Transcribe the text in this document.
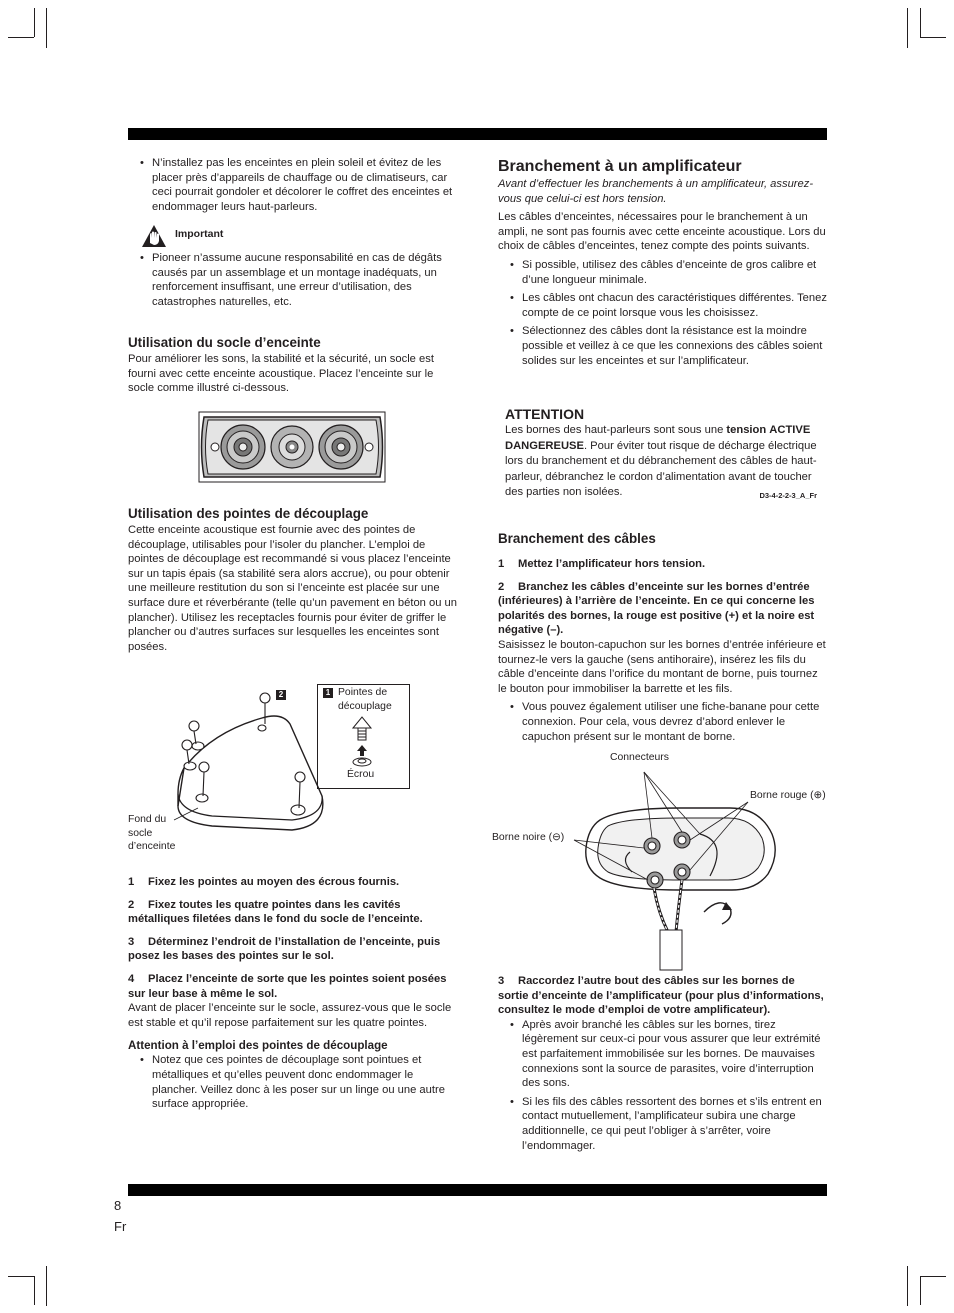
• N’installez pas les enceintes en plein soleil et évitez de les placer près d’appareils de chauffage ou de climatiseurs, car ceci pourrait gondoler et décolorer le coffret des enceintes et endommager leurs haut-parleurs.

Important

• Pioneer n’assume aucune responsabilité en cas de dégâts causés par un assemblage et un montage inadéquats, un renforcement insuffisant, une erreur d’utilisation, des catastrophes naturelles, etc.

Utilisation du socle d’enceinte

Pour améliorer les sons, la stabilité et la sécurité, un socle est fourni avec cette enceinte acoustique. Placez l’enceinte sur le socle comme illustré ci-dessous.

Utilisation des pointes de découplage

Cette enceinte acoustique est fournie avec des pointes de découplage, utilisables pour l’isoler du plancher. L’emploi de pointes de découplage est recommandé si vous placez l’enceinte sur un tapis épais (sa stabilité sera alors accrue), ou pour obtenir une meilleure restitution du son si l’enceinte est placée sur une surface dure et réverbérante (telle qu’un pavement en béton ou un plancher). Utilisez les receptacles fournis pour éviter de griffer le plancher ou d’autres surfaces sur lesquelles les enceintes sont posées.

1
2	Pointes de découplage
Écrou
Fond du socle d’enceinte

1 Fixez les pointes au moyen des écrous fournis.

2 Fixez toutes les quatre pointes dans les cavités métalliques filetées dans le fond du socle de l’enceinte.

3 Déterminez l’endroit de l’installation de l’enceinte, puis posez les bases des pointes sur le sol.

4 Placez l’enceinte de sorte que les pointes soient posées sur leur base à même le sol.

Avant de placer l’enceinte sur le socle, assurez-vous que le socle est stable et qu’il repose parfaitement sur les quatre pointes.

Attention à l’emploi des pointes de découplage

• Notez que ces pointes de découplage sont pointues et métalliques et qu’elles peuvent donc endommager le plancher. Veillez donc à les poser sur un linge ou une autre surface appropriée.

Branchement à un amplificateur

Avant d’effectuer les branchements à un amplificateur, assurez-vous que celui-ci est hors tension.

Les câbles d’enceintes, nécessaires pour le branchement à un ampli, ne sont pas fournis avec cette enceinte acoustique. Lors du choix de câbles d’enceintes, tenez compte des points suivants.

• Si possible, utilisez des câbles d’enceinte de gros calibre et d’une longueur minimale.

• Les câbles ont chacun des caractéristiques différentes. Tenez compte de ce point lorsque vous les choisissez.

• Sélectionnez des câbles dont la résistance est la moindre possible et veillez à ce que les connexions des câbles soient solides sur les enceintes et sur l’amplificateur.

ATTENTION

Les bornes des haut-parleurs sont sous une tension ACTIVE DANGEREUSE. Pour éviter tout risque de décharge électrique lors du branchement et du débranchement des câbles de haut-parleur, débranchez le cordon d’alimentation avant de toucher des parties non isolées.	D3-4-2-2-3_A_Fr

Branchement des câbles

1 Mettez l’amplificateur hors tension.

2 Branchez les câbles d’enceinte sur les bornes d’entrée (inférieures) à l’arrière de l’enceinte. En ce qui concerne les polarités des bornes, la rouge est positive (+) et la noire est négative (–).

Saisissez le bouton-capuchon sur les bornes d’entrée inférieure et tournez-le vers la gauche (sens antihoraire), insérez les fils du câble d’enceinte dans l’orifice du montant de borne, puis tournez le bouton pour immobiliser la barrette et les fils.

• Vous pouvez également utiliser une fiche-banane pour cette connexion. Pour cela, vous devrez d’abord enlever le capuchon présent sur le montant de borne.

Connecteurs
Borne rouge (⊕)
Borne noire (⊖)

3 Raccordez l’autre bout des câbles sur les bornes de sortie d’enceinte de l’amplificateur (pour plus d’informations, consultez le mode d’emploi de votre amplificateur).

• Après avoir branché les câbles sur les bornes, tirez légèrement sur ceux-ci pour vous assurer que leur extrémité est parfaitement immobilisée sur les bornes. De mauvaises connexions sont la source de parasites, voire d’interruption des sons.

• Si les fils des câbles ressortent des bornes et s’ils entrent en contact mutuellement, l’amplificateur subira une charge additionnelle, ce qui peut l’obliger à s’arrêter, voire l’endommager.

8
Fr
